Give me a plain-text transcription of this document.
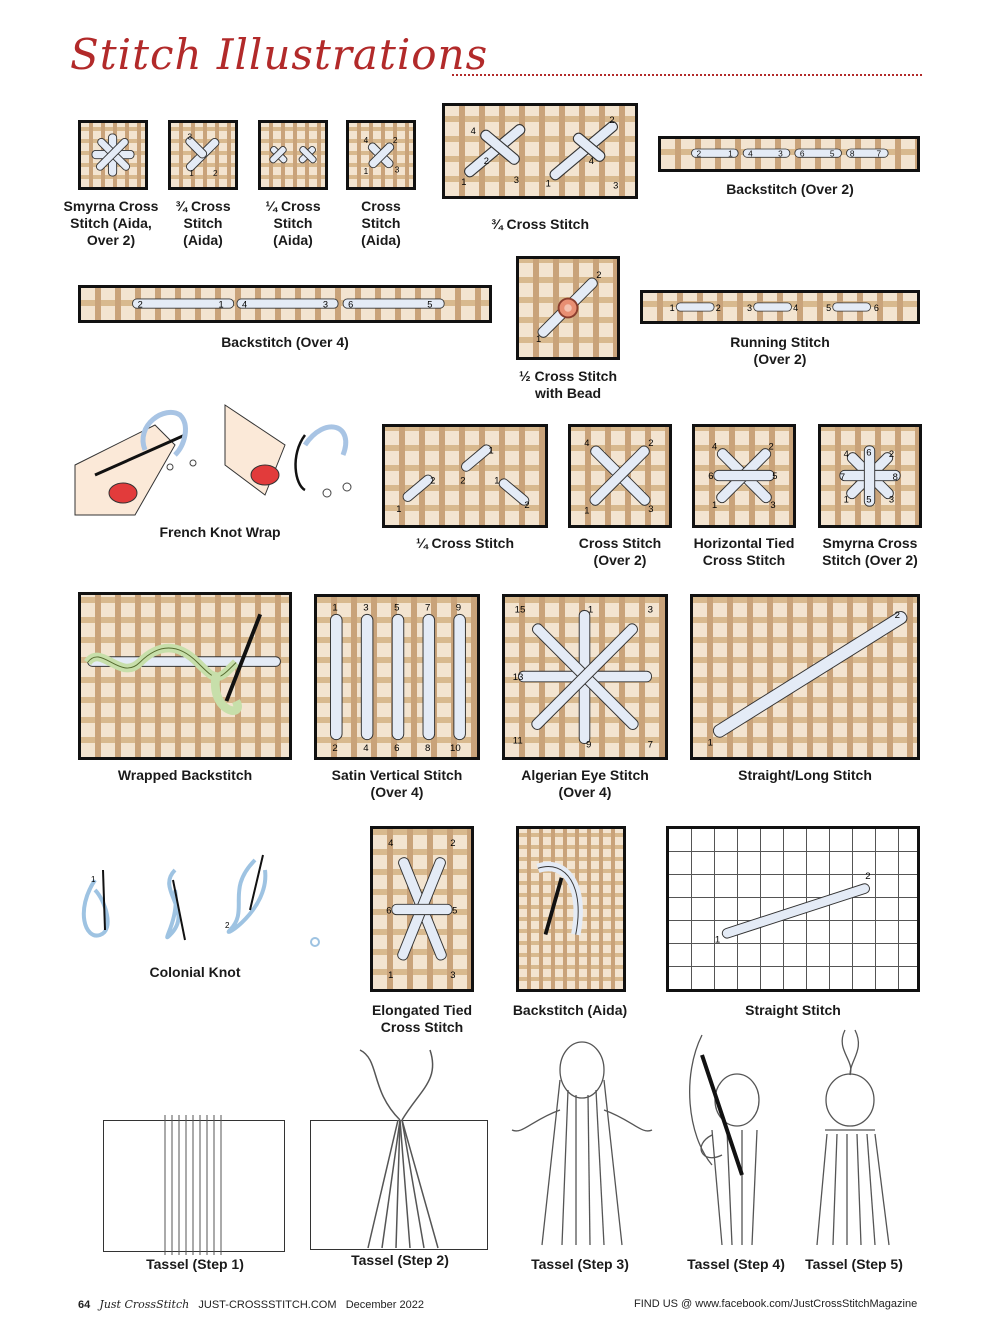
Stitch Illustrations
Smyrna Cross
Stitch (Aida,
Over 2)
3
1 2
¾ Cross
Stitch
(Aida)
¼ Cross
Stitch
(Aida)
4	2
1	3
Cross
Stitch
(Aida)
4
2
1	3	1
2
4
3
¾ Cross Stitch
2	1 4	3 6	5 8 7
Backstitch (Over 2)
2	1 4	3 6	5
Backstitch (Over 4)	1
2
½ Cross Stitch
with Bead
1	2 3	4	5	6
Running Stitch
(Over 2)
French Knot Wrap
1
2 2
1
1
2
¼ Cross Stitch
4	2
1	3
Cross Stitch
(Over 2)
4	2
6	5
1	3
Horizontal Tied
Cross Stitch
4 6 2
7	8
1 5 3
Smyrna Cross
Stitch (Over 2)
Wrapped Backstitch
1	3	5	7	9
2	4	6	8 10
Satin Vertical Stitch
(Over 4)
15	1	3
13
11	9	7
Algerian Eye Stitch
(Over 4)
1
2
Straight/Long Stitch
1
2
Colonial Knot
4	2
6	5
1	3
Elongated Tied
Cross Stitch
Backstitch (Aida)
1
2
Straight Stitch
Tassel (Step 1)	Tassel (Step 2)	Tassel (Step 3)	Tassel (Step 4)	Tassel (Step 5)
64 Just CrossStitch JUST-CROSSSTITCH.COM December 2022	FIND US @ www.facebook.com/JustCrossStitchMagazine
